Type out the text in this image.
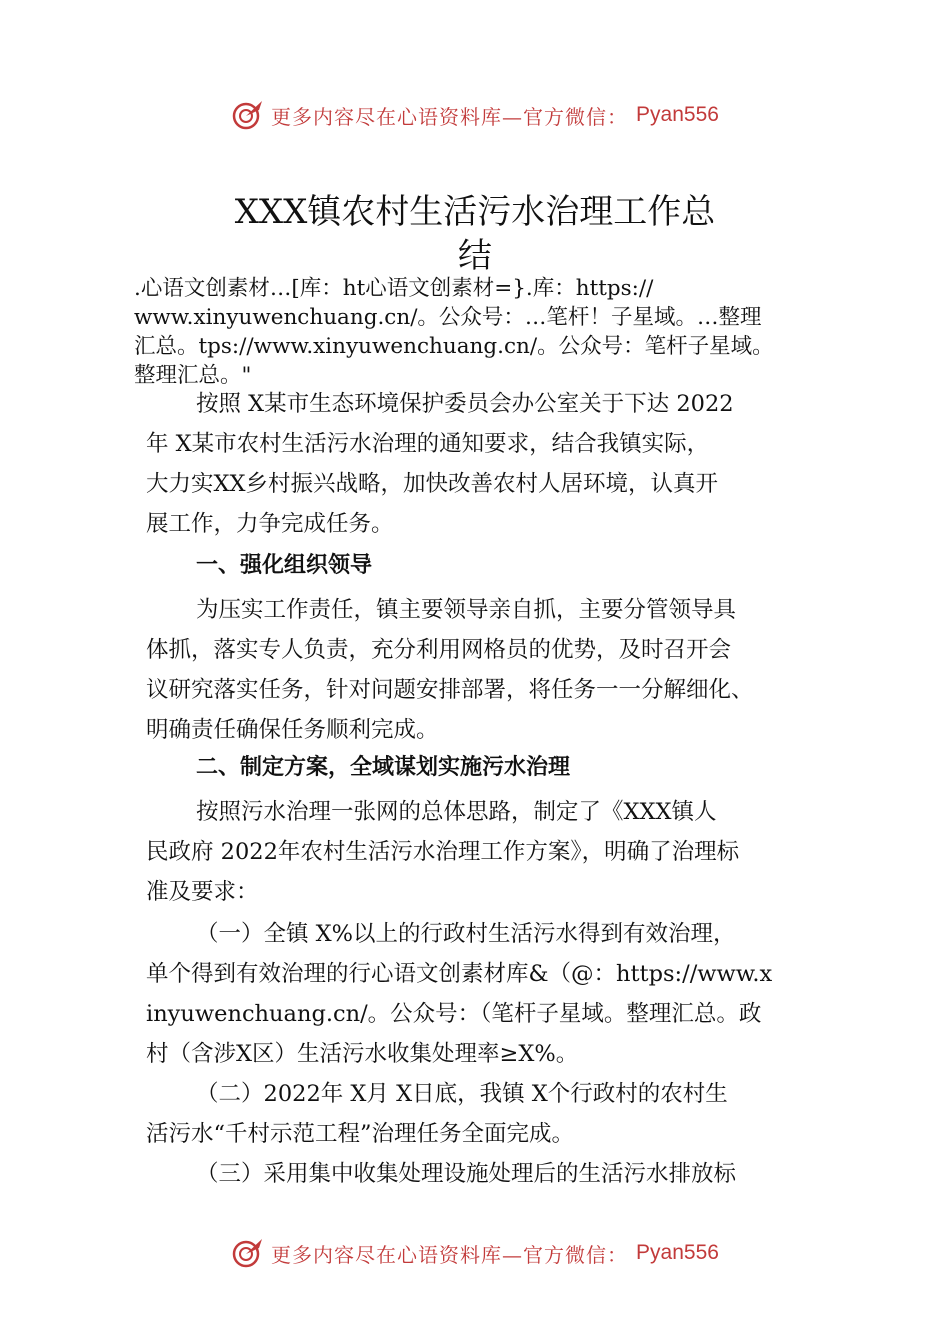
更多内容尽在心语资料库—官方微信： Pyan556
XXX镇农村生活污水治理工作总
结
.心语文创素材…[库：ht心语文创素材=}.库：https://
www.xinyuwenchuang.cn/。公众号：…笔杆！子星域。…整理
汇总。tps://www.xinyuwenchuang.cn/。公众号：笔杆子星域。
整理汇总。"
按照 X某市生态环境保护委员会办公室关于下达 2022
年 X某市农村生活污水治理的通知要求，结合我镇实际，
大力实XX乡村振兴战略，加快改善农村人居环境，认真开
展工作，力争完成任务。
一、强化组织领导
为压实工作责任，镇主要领导亲自抓，主要分管领导具
体抓，落实专人负责，充分利用网格员的优势，及时召开会
议研究落实任务，针对问题安排部署，将任务一一分解细化、
明确责任确保任务顺利完成。
二、制定方案，全域谋划实施污水治理
按照污水治理一张网的总体思路，制定了《XXX镇人
民政府 2022年农村生活污水治理工作方案》，明确了治理标
准及要求：
（一）全镇 X%以上的行政村生活污水得到有效治理，
单个得到有效治理的行心语文创素材库&（@：https://www.x
inyuwenchuang.cn/。公众号：（笔杆子星域。整理汇总。政
村（含涉X区）生活污水收集处理率≥X%。
（二）2022年 X月 X日底，我镇 X个行政村的农村生
活污水“千村示范工程”治理任务全面完成。
（三）采用集中收集处理设施处理后的生活污水排放标
更多内容尽在心语资料库—官方微信： Pyan556
